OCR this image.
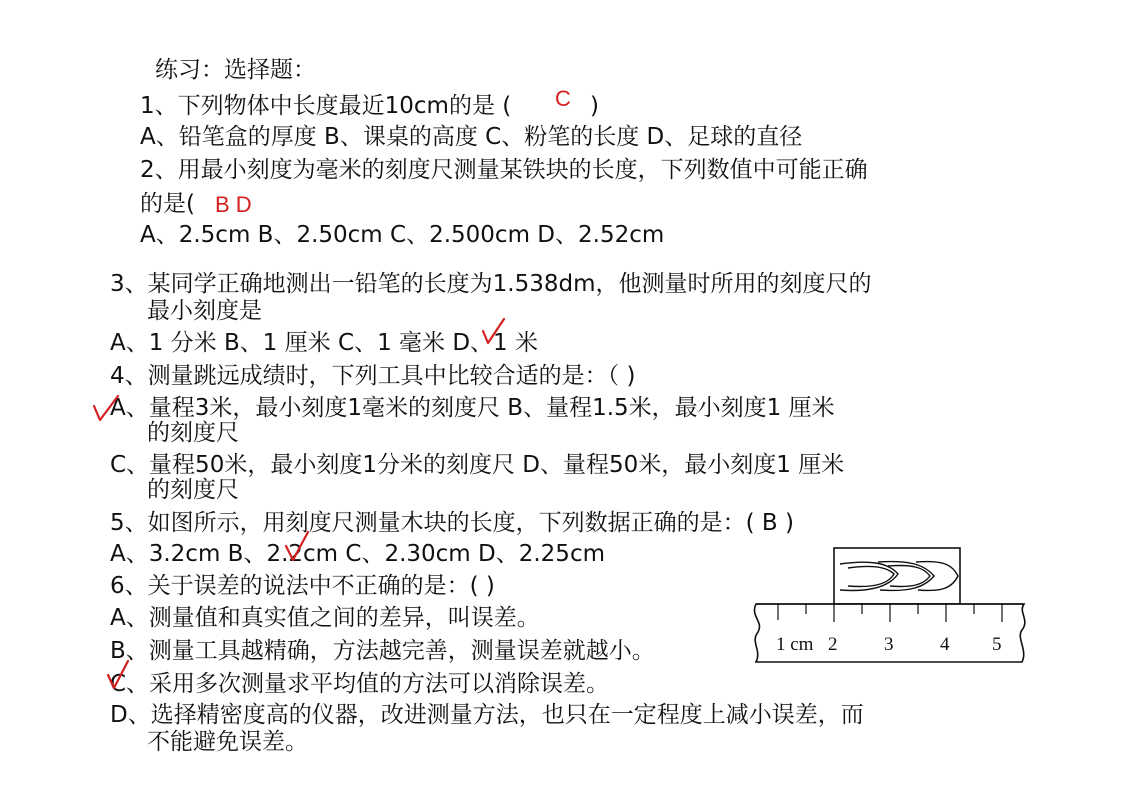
练习：选择题：
1、下列物体中长度最近10cm的是 ( C )
A、铅笔盒的厚度 B、课桌的高度 C、粉笔的长度 D、足球的直径
2、用最小刻度为毫米的刻度尺测量某铁块的长度，下列数值中可能正确
的是( B D
A、2.5cm B、2.50cm C、2.500cm D、2.52cm
3、某同学正确地测出一铅笔的长度为1.538dm，他测量时所用的刻度尺的
最小刻度是
A、1 分米 B、1 厘米 C、1 毫米 D、1 米
4、测量跳远成绩时，下列工具中比较合适的是：（ )
A、量程3米，最小刻度1毫米的刻度尺 B、量程1.5米，最小刻度1 厘米
的刻度尺
C、量程50米，最小刻度1分米的刻度尺 D、量程50米，最小刻度1 厘米
的刻度尺
5、如图所示，用刻度尺测量木块的长度，下列数据正确的是：( B )
A、3.2cm B、2.2cm C、2.30cm D、2.25cm
6、关于误差的说法中不正确的是：( )
A、测量值和真实值之间的差异，叫误差。
B、测量工具越精确，方法越完善，测量误差就越小。
C、采用多次测量求平均值的方法可以消除误差。
D、选择精密度高的仪器，改进测量方法，也只在一定程度上减小误差，而
不能避免误差。
1 cm 2 3 4 5
